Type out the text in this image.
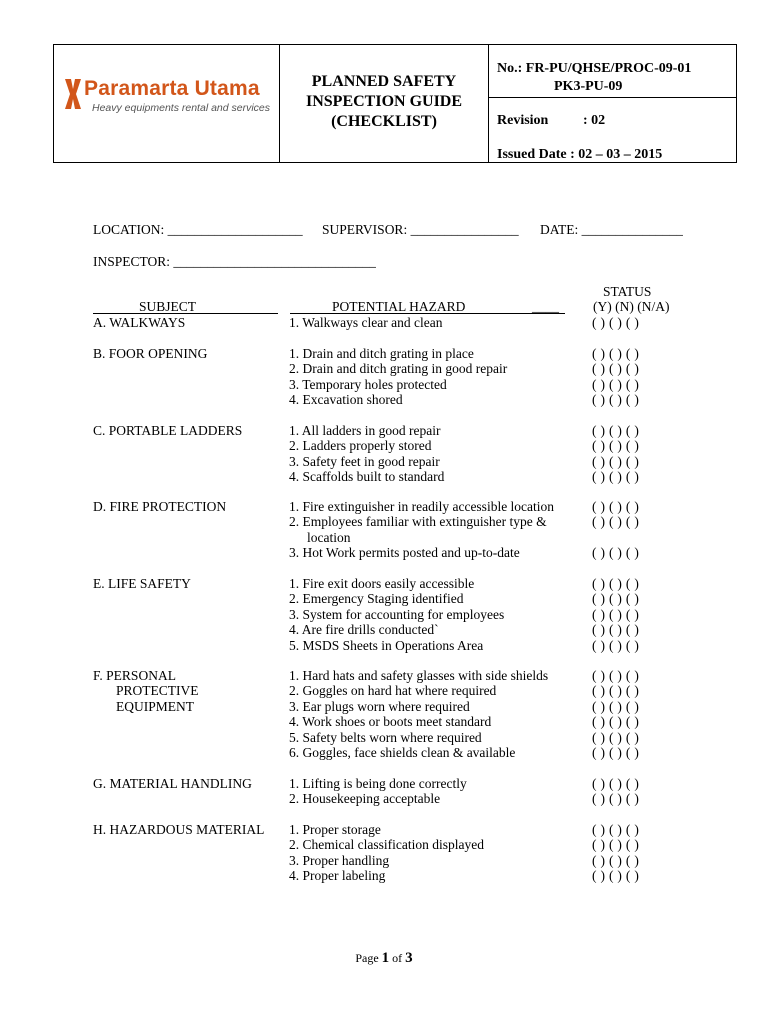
Paramarta Utama
Heavy equipments rental and services
PLANNED SAFETY
INSPECTION GUIDE
(CHECKLIST)
No.: FR-PU/QHSE/PROC-09-01
PK3-PU-09
Revision : 02
Issued Date : 02 – 03 – 2015
LOCATION: ____________________ SUPERVISOR: ________________ DATE: _______________
INSPECTOR: ______________________________
STATUS
(Y) (N) (N/A)
SUBJECT	POTENTIAL HAZARD	____
A. WALKWAYS	1. Walkways clear and clean	( ) ( ) ( )
B. FOOR OPENING	1. Drain and ditch grating in place	( ) ( ) ( )
2. Drain and ditch grating in good repair	( ) ( ) ( )
3. Temporary holes protected	( ) ( ) ( )
4. Excavation shored	( ) ( ) ( )
C. PORTABLE LADDERS	1. All ladders in good repair	( ) ( ) ( )
2. Ladders properly stored	( ) ( ) ( )
3. Safety feet in good repair	( ) ( ) ( )
4. Scaffolds built to standard	( ) ( ) ( )
D. FIRE PROTECTION	1. Fire extinguisher in readily accessible location	( ) ( ) ( )
2. Employees familiar with extinguisher type &	( ) ( ) ( )
location
3. Hot Work permits posted and up-to-date	( ) ( ) ( )
E. LIFE SAFETY	1. Fire exit doors easily accessible	( ) ( ) ( )
2. Emergency Staging identified	( ) ( ) ( )
3. System for accounting for employees	( ) ( ) ( )
4. Are fire drills conducted`	( ) ( ) ( )
5. MSDS Sheets in Operations Area	( ) ( ) ( )
F. PERSONAL
PROTECTIVE
EQUIPMENT
1. Hard hats and safety glasses with side shields	( ) ( ) ( )
2. Goggles on hard hat where required	( ) ( ) ( )
3. Ear plugs worn where required	( ) ( ) ( )
4. Work shoes or boots meet standard	( ) ( ) ( )
5. Safety belts worn where required	( ) ( ) ( )
6. Goggles, face shields clean & available	( ) ( ) ( )
G. MATERIAL HANDLING	1. Lifting is being done correctly	( ) ( ) ( )
2. Housekeeping acceptable	( ) ( ) ( )
H. HAZARDOUS MATERIAL 1. Proper storage	( ) ( ) ( )
2. Chemical classification displayed	( ) ( ) ( )
3. Proper handling	( ) ( ) ( )
4. Proper labeling	( ) ( ) ( )
Page 1 of 3
